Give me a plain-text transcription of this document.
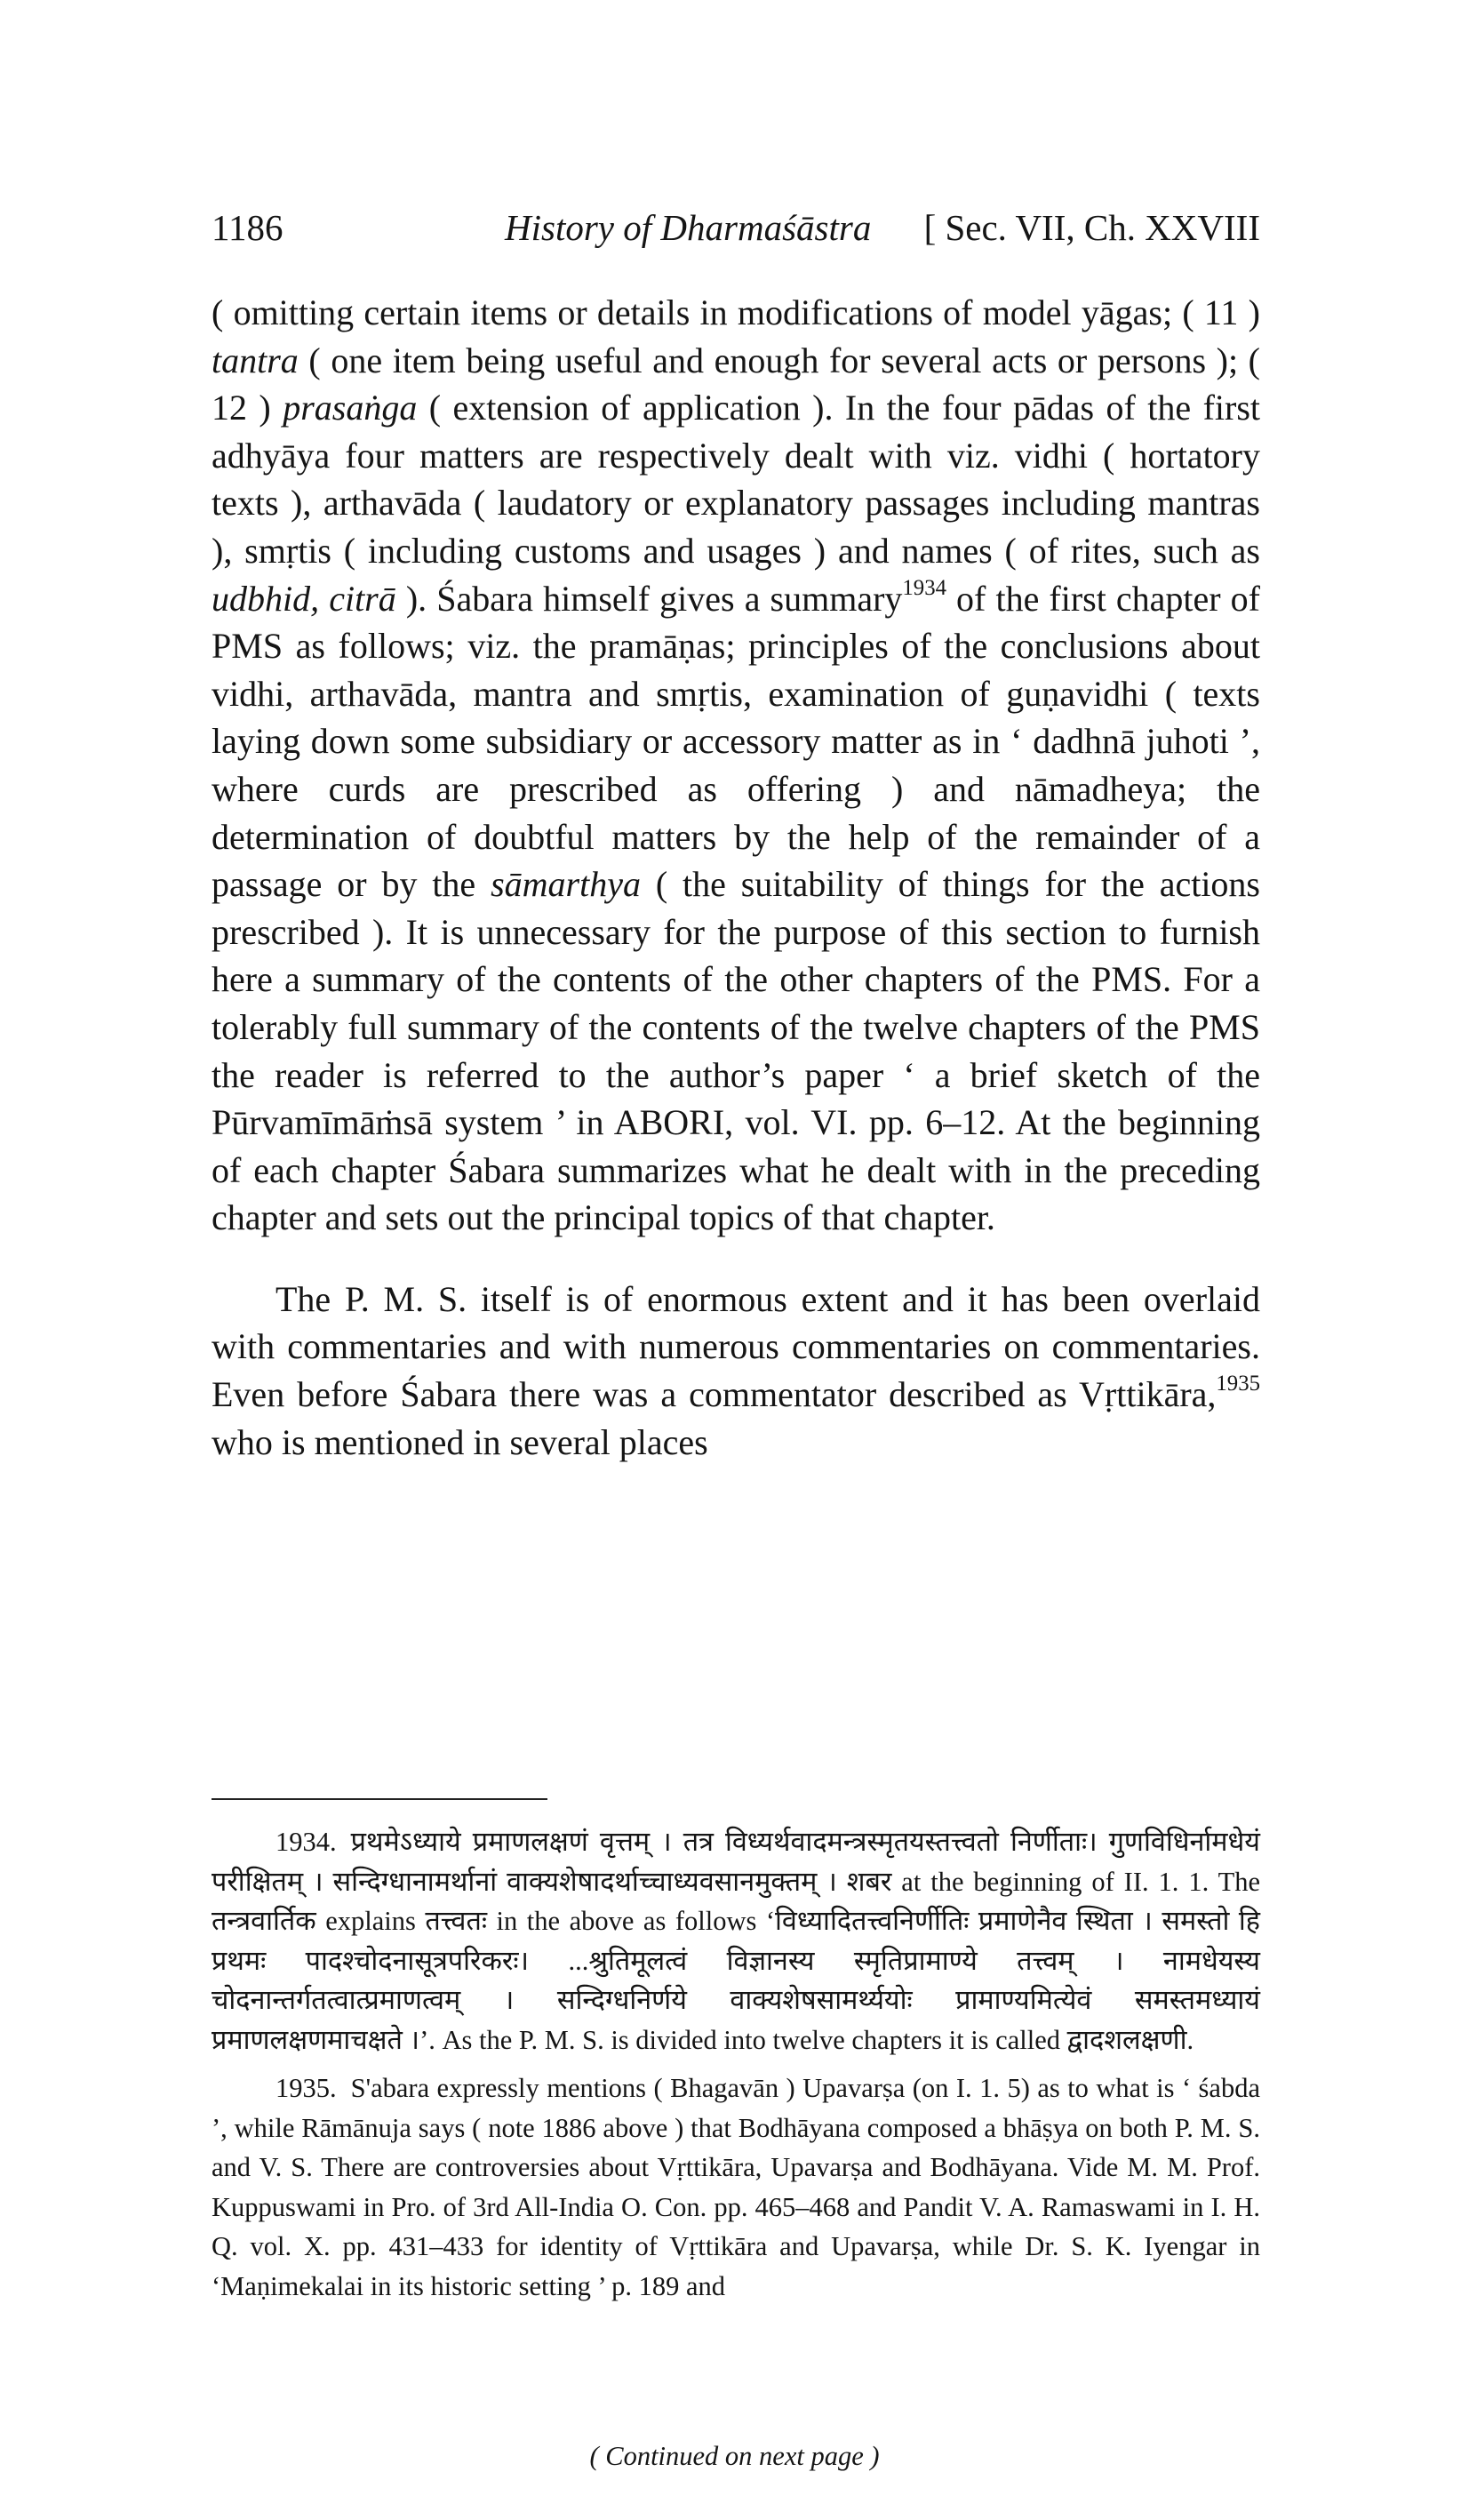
1186	History of Dharmaśāstra [ Sec. VII, Ch. XXVIII

( omitting certain items or details in modifications of model yāgas; ( 11 ) tantra ( one item being useful and enough for several acts or persons ); ( 12 ) prasaṅga ( extension of application ). In the four pādas of the first adhyāya four matters are respectively dealt with viz. vidhi ( hortatory texts ), arthavāda ( laudatory or explanatory passages including mantras ), smṛtis ( including customs and usages ) and names ( of rites, such as udbhid, citrā ). Śabara himself gives a summary$^{1934}$ of the first chapter of PMS as follows; viz. the pramāṇas; principles of the conclusions about vidhi, arthavāda, mantra and smṛtis, examination of guṇavidhi ( texts laying down some subsidiary or accessory matter as in ‘ dadhnā juhoti ’, where curds are prescribed as offering ) and nāmadheya; the determination of doubtful matters by the help of the remainder of a passage or by the sāmarthya ( the suitability of things for the actions prescribed ). It is unnecessary for the purpose of this section to furnish here a summary of the contents of the other chapters of the PMS. For a tolerably full summary of the contents of the twelve chapters of the PMS the reader is referred to the author’s paper ‘ a brief sketch of the Pūrvamīmāṁsā system ’ in ABORI, vol. VI. pp. 6–12. At the beginning of each chapter Śabara summarizes what he dealt with in the preceding chapter and sets out the principal topics of that chapter.

The P. M. S. itself is of enormous extent and it has been overlaid with commentaries and with numerous commentaries on commentaries. Even before Śabara there was a commentator described as Vṛttikāra,$^{1935}$ who is mentioned in several places

1934. प्रथमेऽध्याये प्रमाणलक्षणं वृत्तम् । तत्र विध्यर्थवादमन्त्रस्मृतयस्तत्त्वतो निर्णीताः। गुणविधिर्नामधेयं परीक्षितम् । सन्दिग्धानामर्थानां वाक्यशेषादर्थाच्चाध्यवसानमुक्तम् । शबर at the beginning of II. 1. 1. The तन्त्रवार्तिक explains तत्त्वतः in the above as follows ‘विध्यादितत्त्वनिर्णीतिः प्रमाणेनैव स्थिता । समस्तो हि प्रथमः पादश्चोदनासूत्रपरिकरः। ...श्रुतिमूलत्वं विज्ञानस्य स्मृतिप्रामाण्ये तत्त्वम् । नामधेयस्य चोदनान्तर्गतत्वात्प्रमाणत्वम् । सन्दिग्धनिर्णये वाक्यशेषसामर्थ्ययोः प्रामाण्यमित्येवं समस्तमध्यायं प्रमाणलक्षणमाचक्षते ।’. As the P. M. S. is divided into twelve chapters it is called द्वादशलक्षणी.

1935. S'abara expressly mentions ( Bhagavān ) Upavarṣa (on I. 1. 5) as to what is ‘ śabda ’, while Rāmānuja says ( note 1886 above ) that Bodhāyana composed a bhāṣya on both P. M. S. and V. S. There are controversies about Vṛttikāra, Upavarṣa and Bodhāyana. Vide M. M. Prof. Kuppuswami in Pro. of 3rd All-India O. Con. pp. 465–468 and Pandit V. A. Ramaswami in I. H. Q. vol. X. pp. 431–433 for identity of Vṛttikāra and Upavarṣa, while Dr. S. K. Iyengar in ‘Maṇimekalai in its historic setting ’ p. 189 and

( Continued on next page )
